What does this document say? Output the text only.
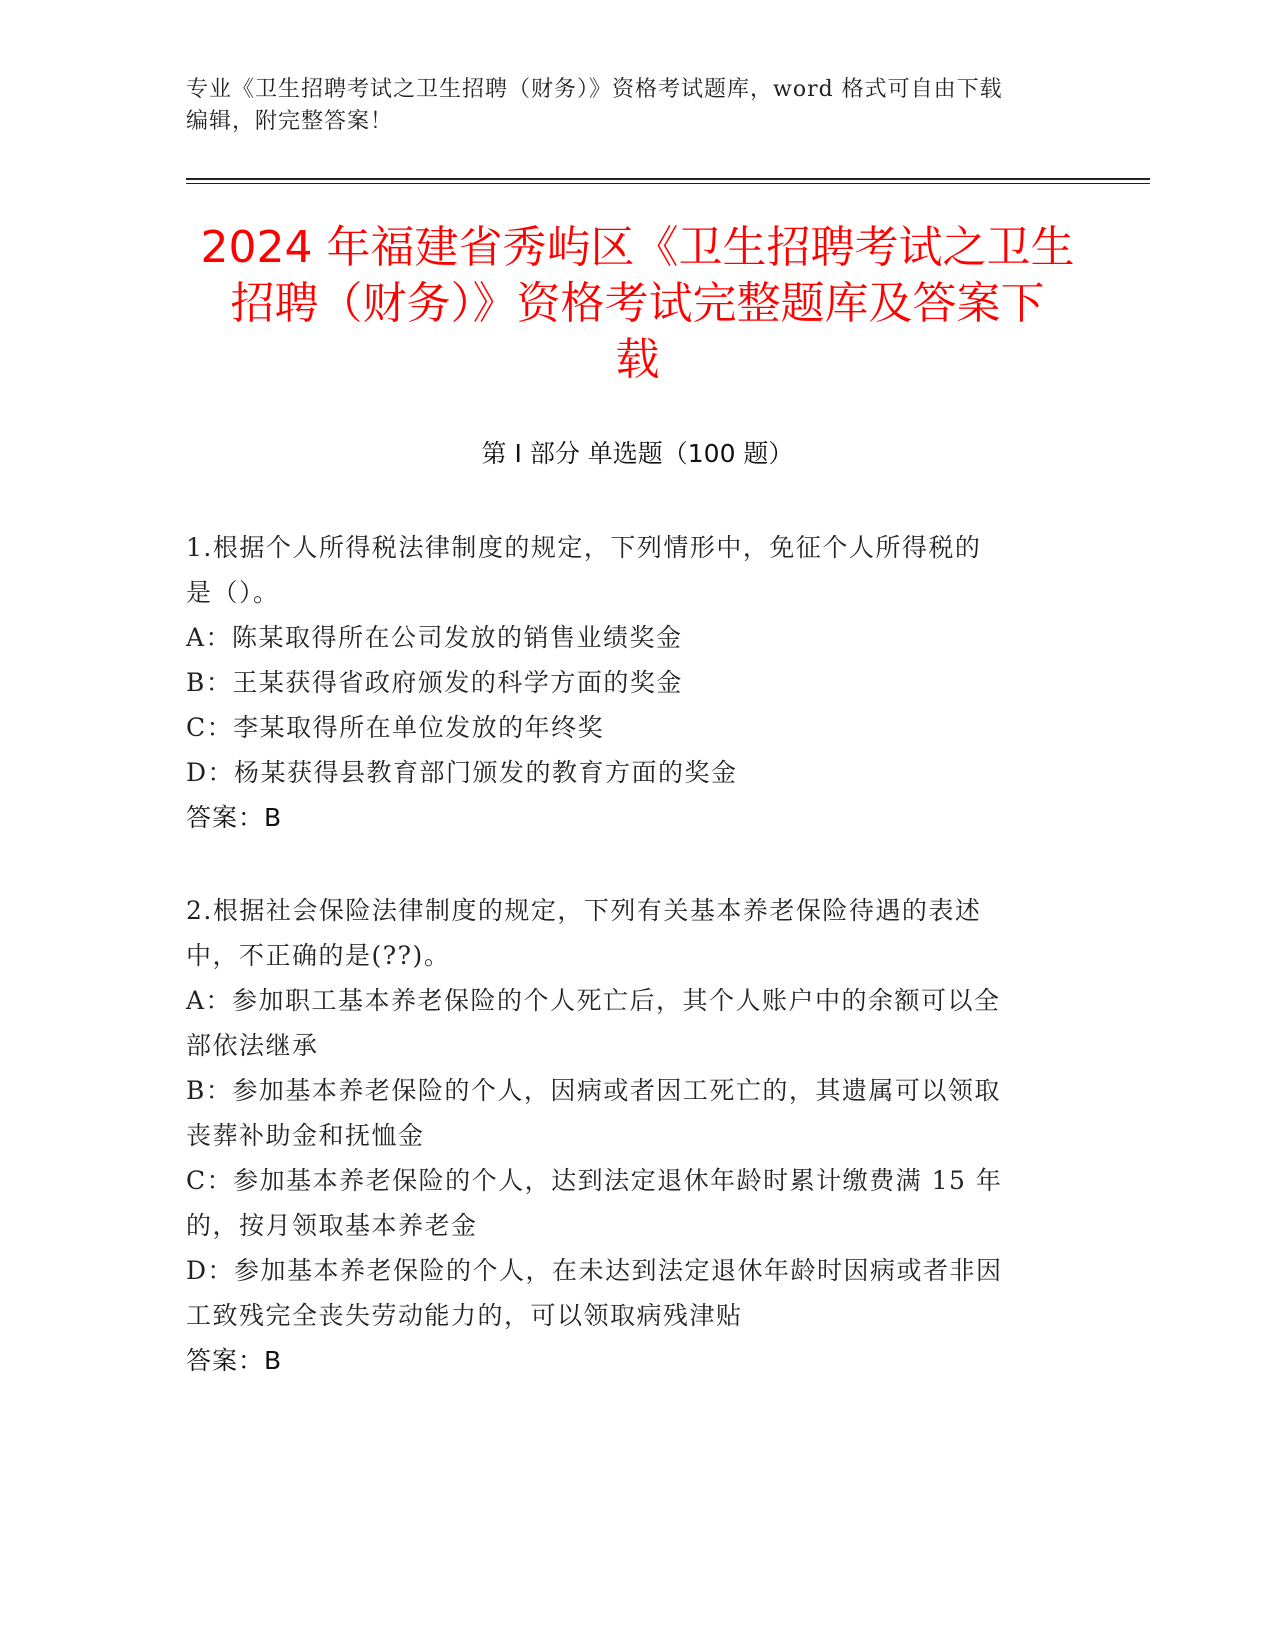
专业《卫生招聘考试之卫生招聘（财务）》资格考试题库，word 格式可自由下载
编辑，附完整答案！
2024 年福建省秀屿区《卫生招聘考试之卫生
招聘（财务）》资格考试完整题库及答案下
载
第 I 部分 单选题（100 题）
1.根据个人所得税法律制度的规定，下列情形中，免征个人所得税的
是（）。
A：陈某取得所在公司发放的销售业绩奖金
B：王某获得省政府颁发的科学方面的奖金
C：李某取得所在单位发放的年终奖
D：杨某获得县教育部门颁发的教育方面的奖金
答案：B
2.根据社会保险法律制度的规定，下列有关基本养老保险待遇的表述
中，不正确的是(??)。
A：参加职工基本养老保险的个人死亡后，其个人账户中的余额可以全
部依法继承
B：参加基本养老保险的个人，因病或者因工死亡的，其遗属可以领取
丧葬补助金和抚恤金
C：参加基本养老保险的个人，达到法定退休年龄时累计缴费满 15 年
的，按月领取基本养老金
D：参加基本养老保险的个人，在未达到法定退休年龄时因病或者非因
工致残完全丧失劳动能力的，可以领取病残津贴
答案：B
